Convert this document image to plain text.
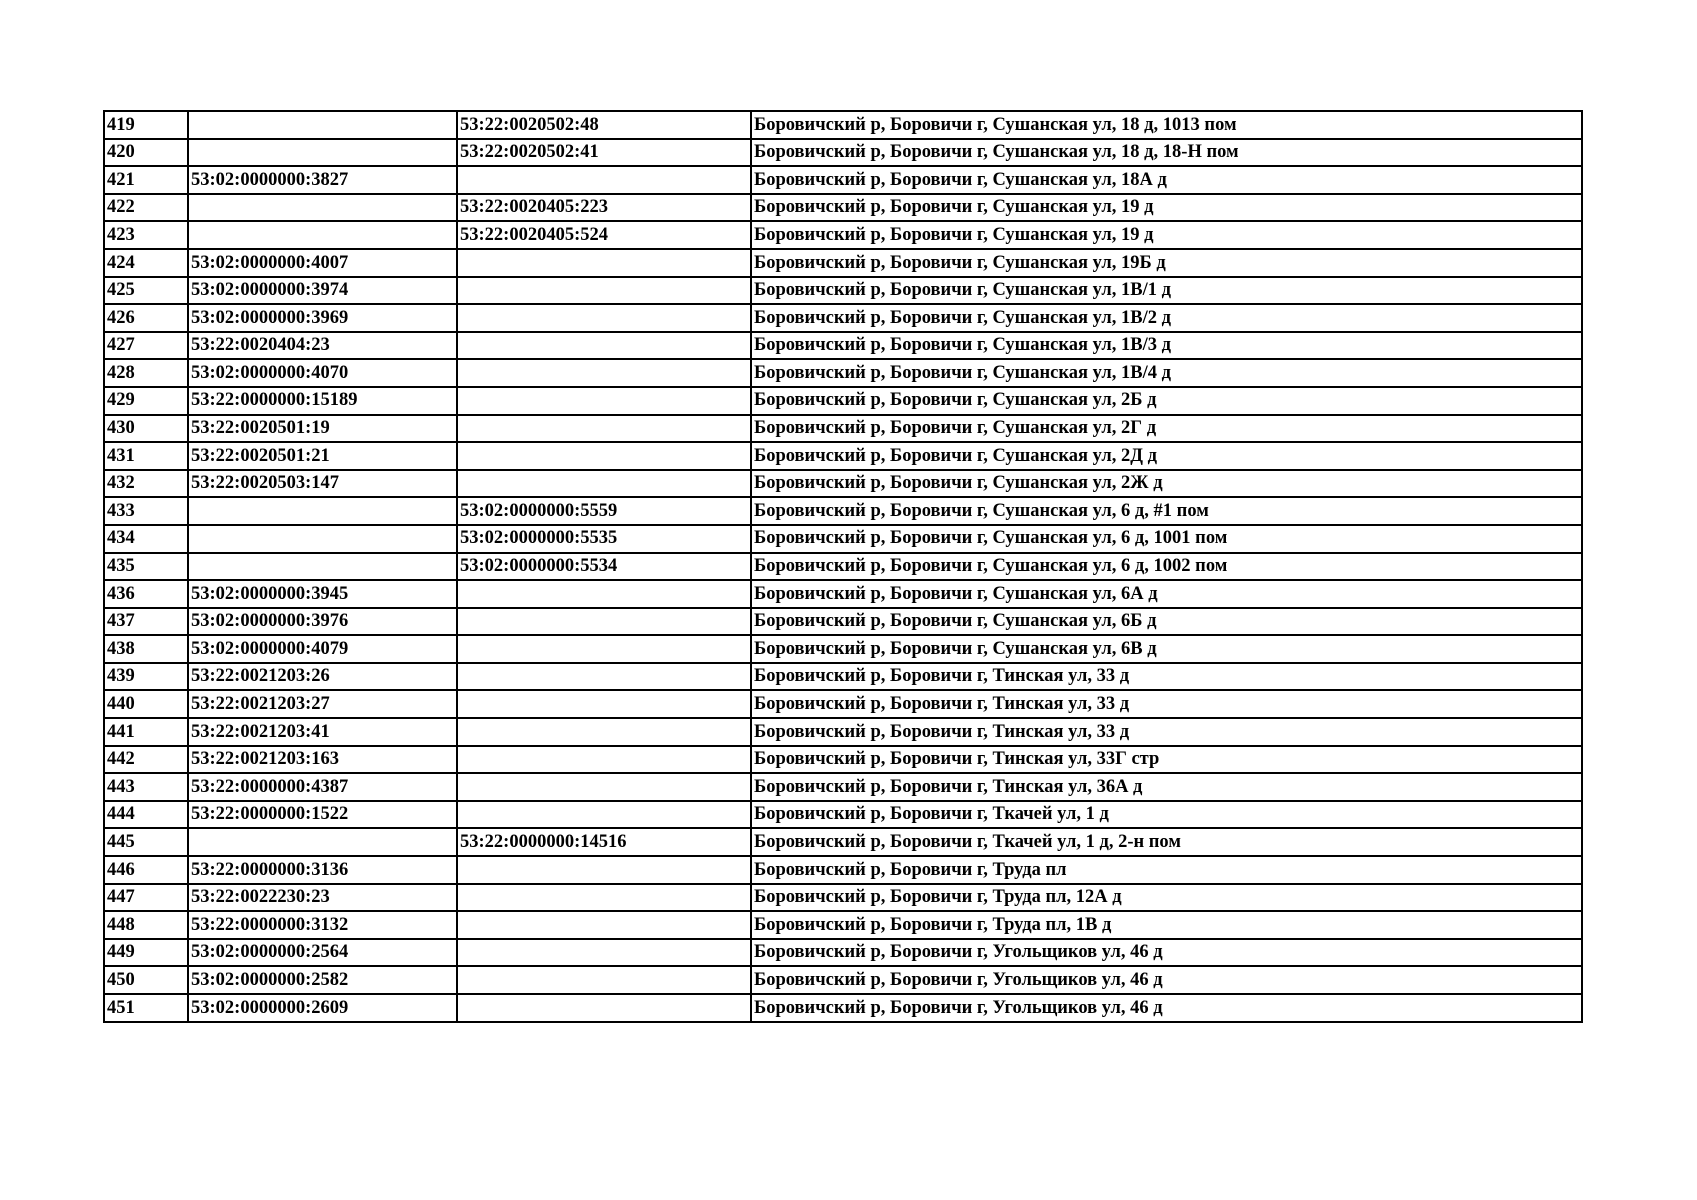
419		53:22:0020502:48	Боровичский р, Боровичи г, Сушанская ул, 18 д, 1013 пом
420		53:22:0020502:41	Боровичский р, Боровичи г, Сушанская ул, 18 д, 18-Н пом
421	53:02:0000000:3827		Боровичский р, Боровичи г, Сушанская ул, 18А д
422		53:22:0020405:223	Боровичский р, Боровичи г, Сушанская ул, 19 д
423		53:22:0020405:524	Боровичский р, Боровичи г, Сушанская ул, 19 д
424	53:02:0000000:4007		Боровичский р, Боровичи г, Сушанская ул, 19Б д
425	53:02:0000000:3974		Боровичский р, Боровичи г, Сушанская ул, 1В/1 д
426	53:02:0000000:3969		Боровичский р, Боровичи г, Сушанская ул, 1В/2 д
427	53:22:0020404:23		Боровичский р, Боровичи г, Сушанская ул, 1В/3 д
428	53:02:0000000:4070		Боровичский р, Боровичи г, Сушанская ул, 1В/4 д
429	53:22:0000000:15189		Боровичский р, Боровичи г, Сушанская ул, 2Б д
430	53:22:0020501:19		Боровичский р, Боровичи г, Сушанская ул, 2Г д
431	53:22:0020501:21		Боровичский р, Боровичи г, Сушанская ул, 2Д д
432	53:22:0020503:147		Боровичский р, Боровичи г, Сушанская ул, 2Ж д
433		53:02:0000000:5559	Боровичский р, Боровичи г, Сушанская ул, 6 д, #1 пом
434		53:02:0000000:5535	Боровичский р, Боровичи г, Сушанская ул, 6 д, 1001 пом
435		53:02:0000000:5534	Боровичский р, Боровичи г, Сушанская ул, 6 д, 1002 пом
436	53:02:0000000:3945		Боровичский р, Боровичи г, Сушанская ул, 6А д
437	53:02:0000000:3976		Боровичский р, Боровичи г, Сушанская ул, 6Б д
438	53:02:0000000:4079		Боровичский р, Боровичи г, Сушанская ул, 6В д
439	53:22:0021203:26		Боровичский р, Боровичи г, Тинская ул, 33 д
440	53:22:0021203:27		Боровичский р, Боровичи г, Тинская ул, 33 д
441	53:22:0021203:41		Боровичский р, Боровичи г, Тинская ул, 33 д
442	53:22:0021203:163		Боровичский р, Боровичи г, Тинская ул, 33Г стр
443	53:22:0000000:4387		Боровичский р, Боровичи г, Тинская ул, 36А д
444	53:22:0000000:1522		Боровичский р, Боровичи г, Ткачей ул, 1 д
445		53:22:0000000:14516	Боровичский р, Боровичи г, Ткачей ул, 1 д, 2-н пом
446	53:22:0000000:3136		Боровичский р, Боровичи г, Труда пл
447	53:22:0022230:23		Боровичский р, Боровичи г, Труда пл, 12А д
448	53:22:0000000:3132		Боровичский р, Боровичи г, Труда пл, 1В д
449	53:02:0000000:2564		Боровичский р, Боровичи г, Угольщиков ул, 46 д
450	53:02:0000000:2582		Боровичский р, Боровичи г, Угольщиков ул, 46 д
451	53:02:0000000:2609		Боровичский р, Боровичи г, Угольщиков ул, 46 д
